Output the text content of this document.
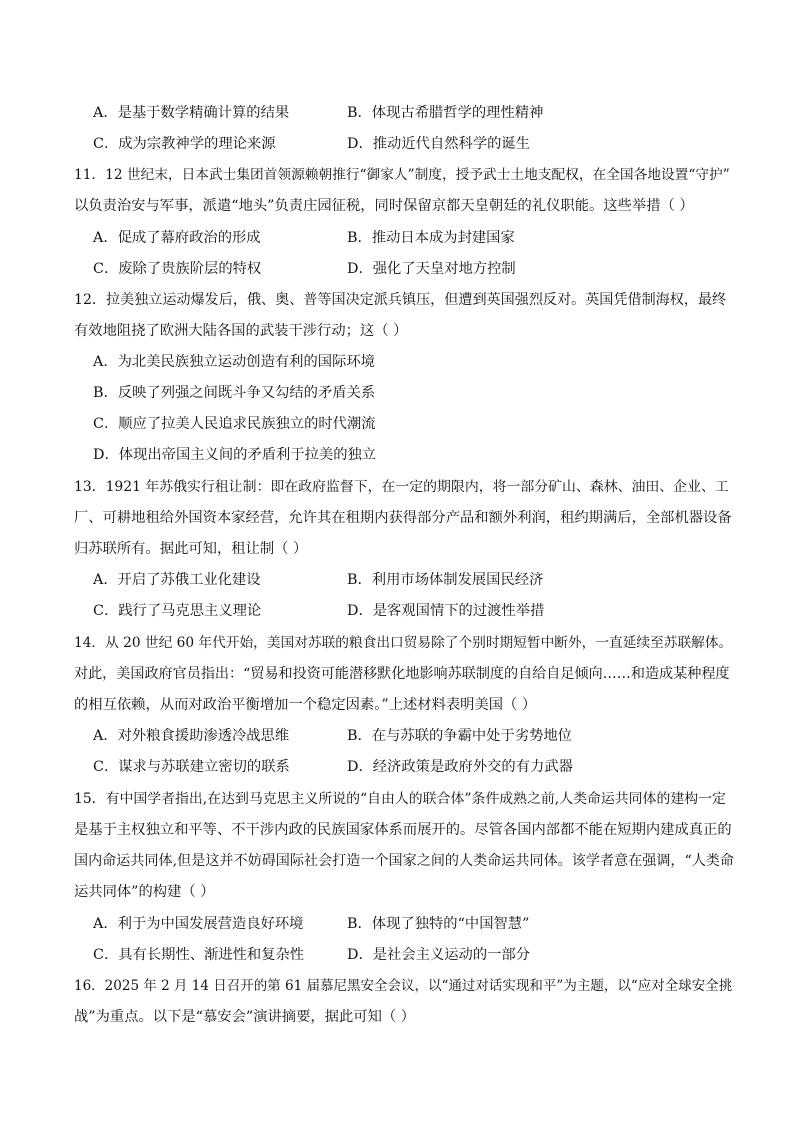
A．是基于数学精确计算的结果	B．体现古希腊哲学的理性精神
C．成为宗教神学的理论来源	D．推动近代自然科学的诞生
11．12 世纪末，日本武士集团首领源赖朝推行“御家人”制度，授予武士土地支配权，在全国各地设置“守护”
以负责治安与军事，派遣“地头”负责庄园征税，同时保留京都天皇朝廷的礼仪职能。这些举措（ ）
A．促成了幕府政治的形成	B．推动日本成为封建国家
C．废除了贵族阶层的特权	D．强化了天皇对地方控制
12．拉美独立运动爆发后，俄、奥、普等国决定派兵镇压，但遭到英国强烈反对。英国凭借制海权，最终
有效地阻挠了欧洲大陆各国的武装干涉行动；这（ ）
A．为北美民族独立运动创造有利的国际环境
B．反映了列强之间既斗争又勾结的矛盾关系
C．顺应了拉美人民追求民族独立的时代潮流
D．体现出帝国主义间的矛盾利于拉美的独立
13．1921 年苏俄实行租让制：即在政府监督下，在一定的期限内，将一部分矿山、森林、油田、企业、工
厂、可耕地租给外国资本家经营，允许其在租期内获得部分产品和额外利润，租约期满后，全部机器设备
归苏联所有。据此可知，租让制（ ）
A．开启了苏俄工业化建设	B．利用市场体制发展国民经济
C．践行了马克思主义理论	D．是客观国情下的过渡性举措
14．从 20 世纪 60 年代开始，美国对苏联的粮食出口贸易除了个别时期短暂中断外，一直延续至苏联解体。
对此，美国政府官员指出：“贸易和投资可能潜移默化地影响苏联制度的自给自足倾向……和造成某种程度
的相互依赖，从而对政治平衡增加一个稳定因素。”上述材料表明美国（ ）
A．对外粮食援助渗透冷战思维	B．在与苏联的争霸中处于劣势地位
C．谋求与苏联建立密切的联系	D．经济政策是政府外交的有力武器
15．有中国学者指出,在达到马克思主义所说的“自由人的联合体”条件成熟之前,人类命运共同体的建构一定
是基于主权独立和平等、不干涉内政的民族国家体系而展开的。尽管各国内部都不能在短期内建成真正的
国内命运共同体,但是这并不妨碍国际社会打造一个国家之间的人类命运共同体。该学者意在强调，“人类命
运共同体”的构建（ ）
A．利于为中国发展营造良好环境	B．体现了独特的“中国智慧”
C．具有长期性、渐进性和复杂性	D．是社会主义运动的一部分
16．2025 年 2 月 14 日召开的第 61 届慕尼黑安全会议，以“通过对话实现和平”为主题，以“应对全球安全挑
战”为重点。以下是“慕安会”演讲摘要，据此可知（ ）
